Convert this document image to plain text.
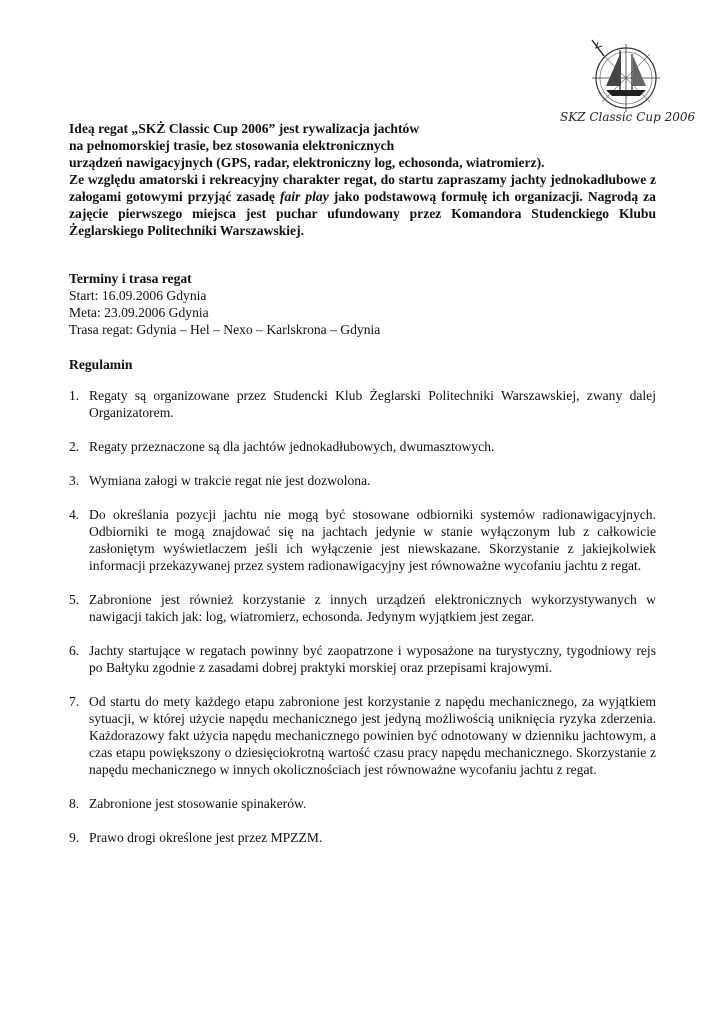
SKZ Classic Cup 2006

Ideą regat „SKŻ Classic Cup 2006” jest rywalizacja jachtów

na pełnomorskiej trasie, bez stosowania elektronicznych

urządzeń nawigacyjnych (GPS, radar, elektroniczny log, echosonda, wiatromierz).

Ze względu amatorski i rekreacyjny charakter regat, do startu zapraszamy jachty jednokadłubowe z załogami gotowymi przyjąć zasadę fair play jako podstawową formułę ich organizacji. Nagrodą za zajęcie pierwszego miejsca jest puchar ufundowany przez Komandora Studenckiego Klubu Żeglarskiego Politechniki Warszawskiej.

Terminy i trasa regat
Start: 16.09.2006 Gdynia
Meta: 23.09.2006 Gdynia
Trasa regat: Gdynia – Hel – Nexo – Karlskrona – Gdynia
Regulamin
1. Regaty są organizowane przez Studencki Klub Żeglarski Politechniki Warszawskiej, zwany dalej Organizatorem.
2. Regaty przeznaczone są dla jachtów jednokadłubowych, dwumasztowych.
3. Wymiana załogi w trakcie regat nie jest dozwolona.
4. Do określania pozycji jachtu nie mogą być stosowane odbiorniki systemów radionawigacyjnych. Odbiorniki te mogą znajdować się na jachtach jedynie w stanie wyłączonym lub z całkowicie zasłoniętym wyświetlaczem jeśli ich wyłączenie jest niewskazane. Skorzystanie z jakiejkolwiek informacji przekazywanej przez system radionawigacyjny jest równoważne wycofaniu jachtu z regat.
5. Zabronione jest również korzystanie z innych urządzeń elektronicznych wykorzystywanych w nawigacji takich jak: log, wiatromierz, echosonda. Jedynym wyjątkiem jest zegar.
6. Jachty startujące w regatach powinny być zaopatrzone i wyposażone na turystyczny, tygodniowy rejs po Bałtyku zgodnie z zasadami dobrej praktyki morskiej oraz przepisami krajowymi.
7. Od startu do mety każdego etapu zabronione jest korzystanie z napędu mechanicznego, za wyjątkiem sytuacji, w której użycie napędu mechanicznego jest jedyną możliwością uniknięcia ryzyka zderzenia. Każdorazowy fakt użycia napędu mechanicznego powinien być odnotowany w dzienniku jachtowym, a czas etapu powiększony o dziesięciokrotną wartość czasu pracy napędu mechanicznego. Skorzystanie z napędu mechanicznego w innych okolicznościach jest równoważne wycofaniu jachtu z regat.
8. Zabronione jest stosowanie spinakerów.
9. Prawo drogi określone jest przez MPZZM.
